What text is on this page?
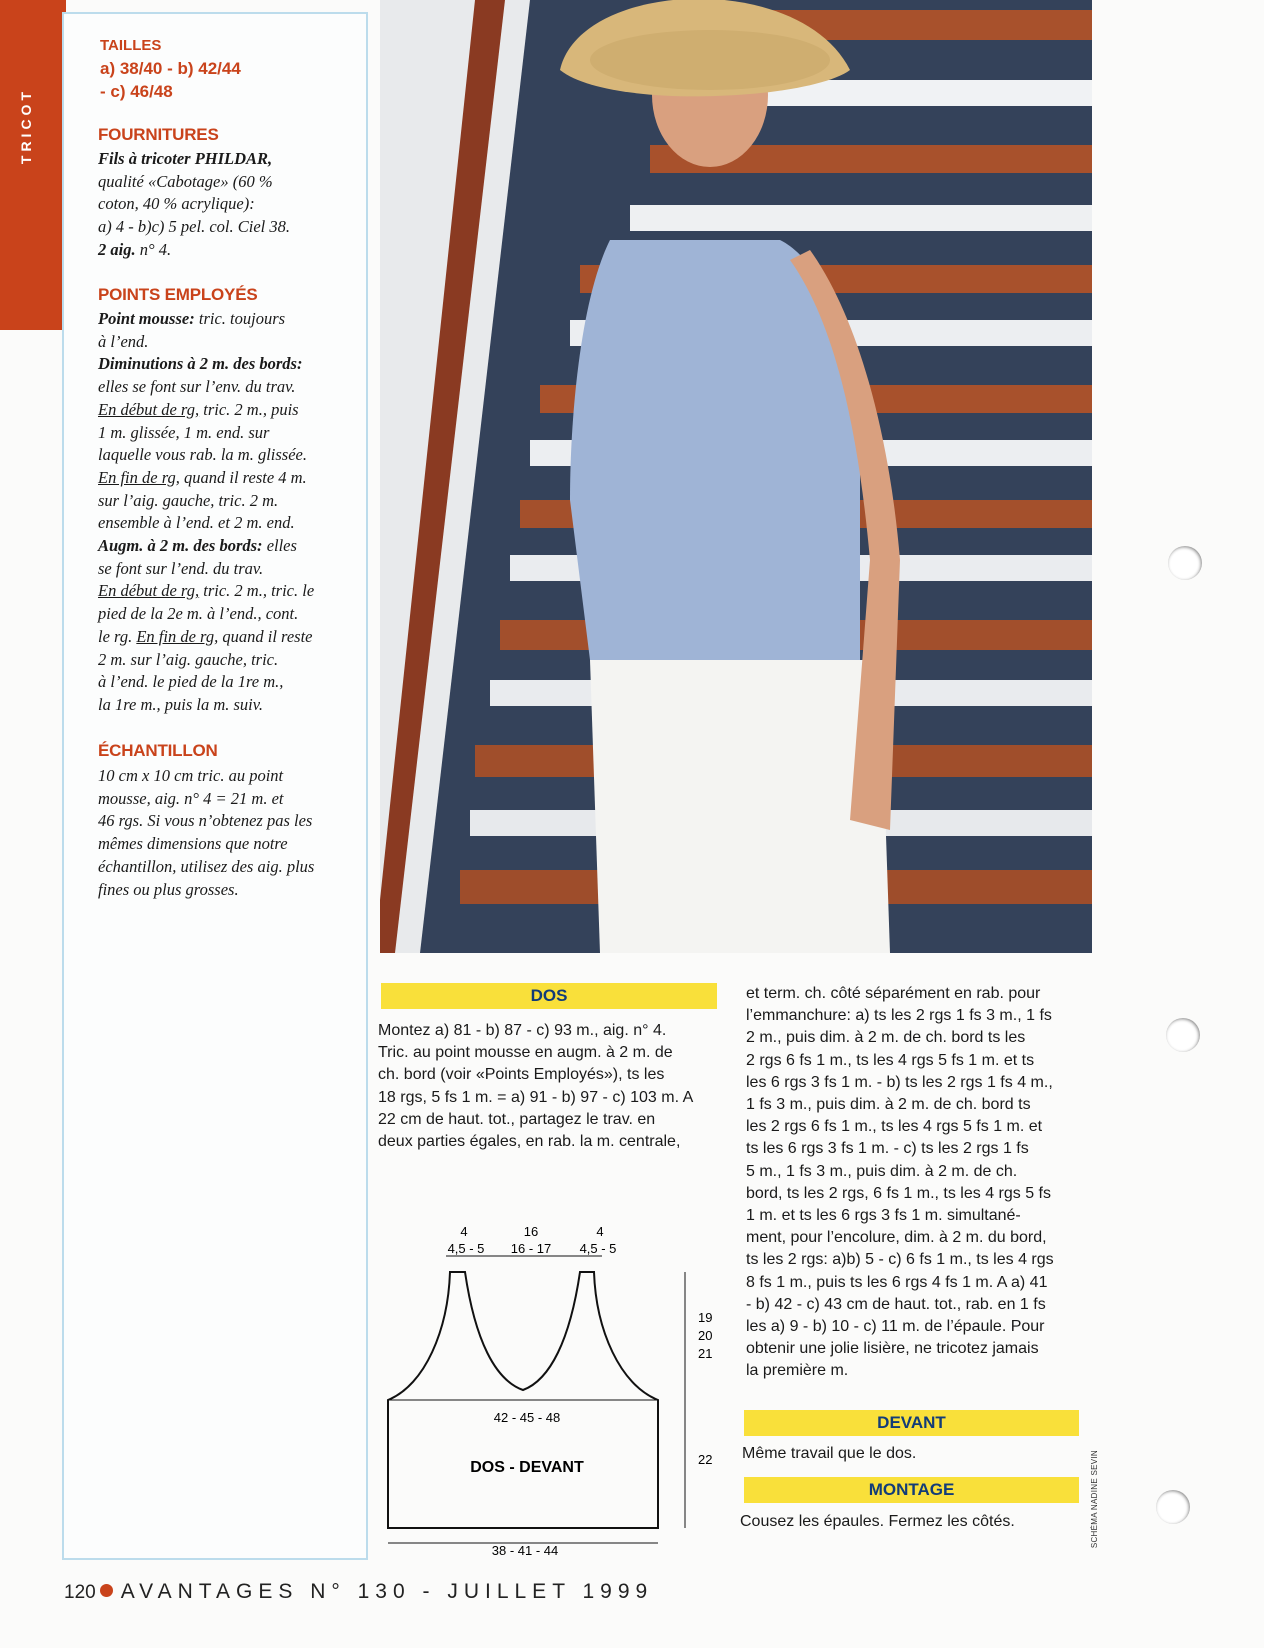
TRICOT
TAILLES
a) 38/40 - b) 42/44
- c) 46/48
FOURNITURES
Fils à tricoter PHILDAR,
qualité «Cabotage» (60 %
coton, 40 % acrylique):
a) 4 - b)c) 5 pel. col. Ciel 38.
2 aig. n° 4.
POINTS EMPLOYÉS
Point mousse: tric. toujours
à l’end.
Diminutions à 2 m. des bords:
elles se font sur l’env. du trav.
En début de rg, tric. 2 m., puis
1 m. glissée, 1 m. end. sur
laquelle vous rab. la m. glissée.
En fin de rg, quand il reste 4 m.
sur l’aig. gauche, tric. 2 m.
ensemble à l’end. et 2 m. end.
Augm. à 2 m. des bords: elles
se font sur l’end. du trav.
En début de rg, tric. 2 m., tric. le
pied de la 2e m. à l’end., cont.
le rg. En fin de rg, quand il reste
2 m. sur l’aig. gauche, tric.
à l’end. le pied de la 1re m.,
la 1re m., puis la m. suiv.
ÉCHANTILLON
10 cm x 10 cm tric. au point
mousse, aig. n° 4 = 21 m. et
46 rgs. Si vous n’obtenez pas les
mêmes dimensions que notre
échantillon, utilisez des aig. plus
fines ou plus grosses.
DOS
Montez a) 81 - b) 87 - c) 93 m., aig. n° 4.
Tric. au point mousse en augm. à 2 m. de
ch. bord (voir «Points Employés»), ts les
18 rgs, 5 fs 1 m. = a) 91 - b) 97 - c) 103 m. A
22 cm de haut. tot., partagez le trav. en
deux parties égales, en rab. la m. centrale,
et term. ch. côté séparément en rab. pour
l’emmanchure: a) ts les 2 rgs 1 fs 3 m., 1 fs
2 m., puis dim. à 2 m. de ch. bord ts les
2 rgs 6 fs 1 m., ts les 4 rgs 5 fs 1 m. et ts
les 6 rgs 3 fs 1 m. - b) ts les 2 rgs 1 fs 4 m.,
1 fs 3 m., puis dim. à 2 m. de ch. bord ts
les 2 rgs 6 fs 1 m., ts les 4 rgs 5 fs 1 m. et
ts les 6 rgs 3 fs 1 m. - c) ts les 2 rgs 1 fs
5 m., 1 fs 3 m., puis dim. à 2 m. de ch.
bord, ts les 2 rgs, 6 fs 1 m., ts les 4 rgs 5 fs
1 m. et ts les 6 rgs 3 fs 1 m. simultané-
ment, pour l’encolure, dim. à 2 m. du bord,
ts les 2 rgs: a)b) 5 - c) 6 fs 1 m., ts les 4 rgs
8 fs 1 m., puis ts les 6 rgs 4 fs 1 m. A a) 41
- b) 42 - c) 43 cm de haut. tot., rab. en 1 fs
les a) 9 - b) 10 - c) 11 m. de l’épaule. Pour
obtenir une jolie lisière, ne tricotez jamais
la première m.
DEVANT
Même travail que le dos.
MONTAGE
Cousez les épaules. Fermez les côtés.	SCHÉMA NADINE SEVIN
4
4,5 - 5
16
16 - 17
4
4,5 - 5
19
20
21
22
42 - 45 - 48
DOS - DEVANT
38 - 41 - 44
120 AVANTAGES N° 130 - JUILLET 1999
